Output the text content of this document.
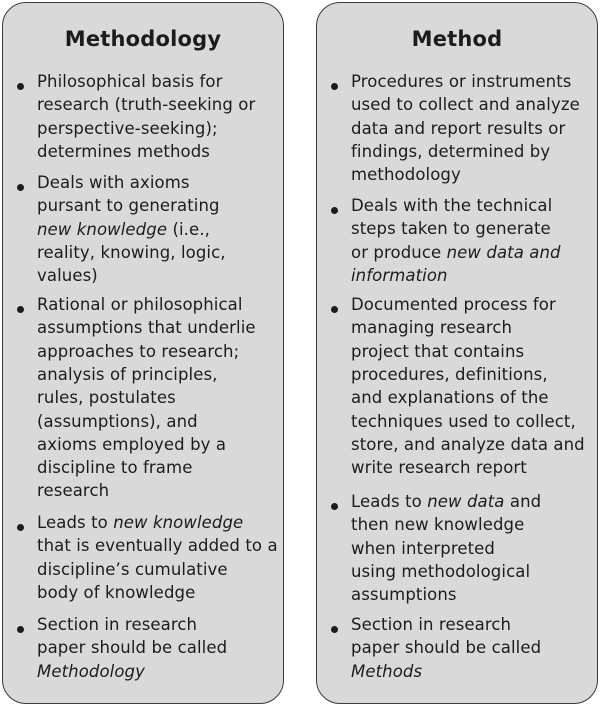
Methodology
Philosophical basis for
research (truth-seeking or
perspective-seeking);
determines methods
Deals with axioms
pursant to generating
new knowledge (i.e.,
reality, knowing, logic,
values)
Rational or philosophical
assumptions that underlie
approaches to research;
analysis of principles,
rules, postulates
(assumptions), and
axioms employed by a
discipline to frame
research
Leads to new knowledge
that is eventually added to a
discipline’s cumulative
body of knowledge
Section in research
paper should be called
Methodology
Method
Procedures or instruments
used to collect and analyze
data and report results or
findings, determined by
methodology
Deals with the technical
steps taken to generate
or produce new data and
information
Documented process for
managing research
project that contains
procedures, definitions,
and explanations of the
techniques used to collect,
store, and analyze data and
write research report
Leads to new data and
then new knowledge
when interpreted
using methodological
assumptions
Section in research
paper should be called
Methods
